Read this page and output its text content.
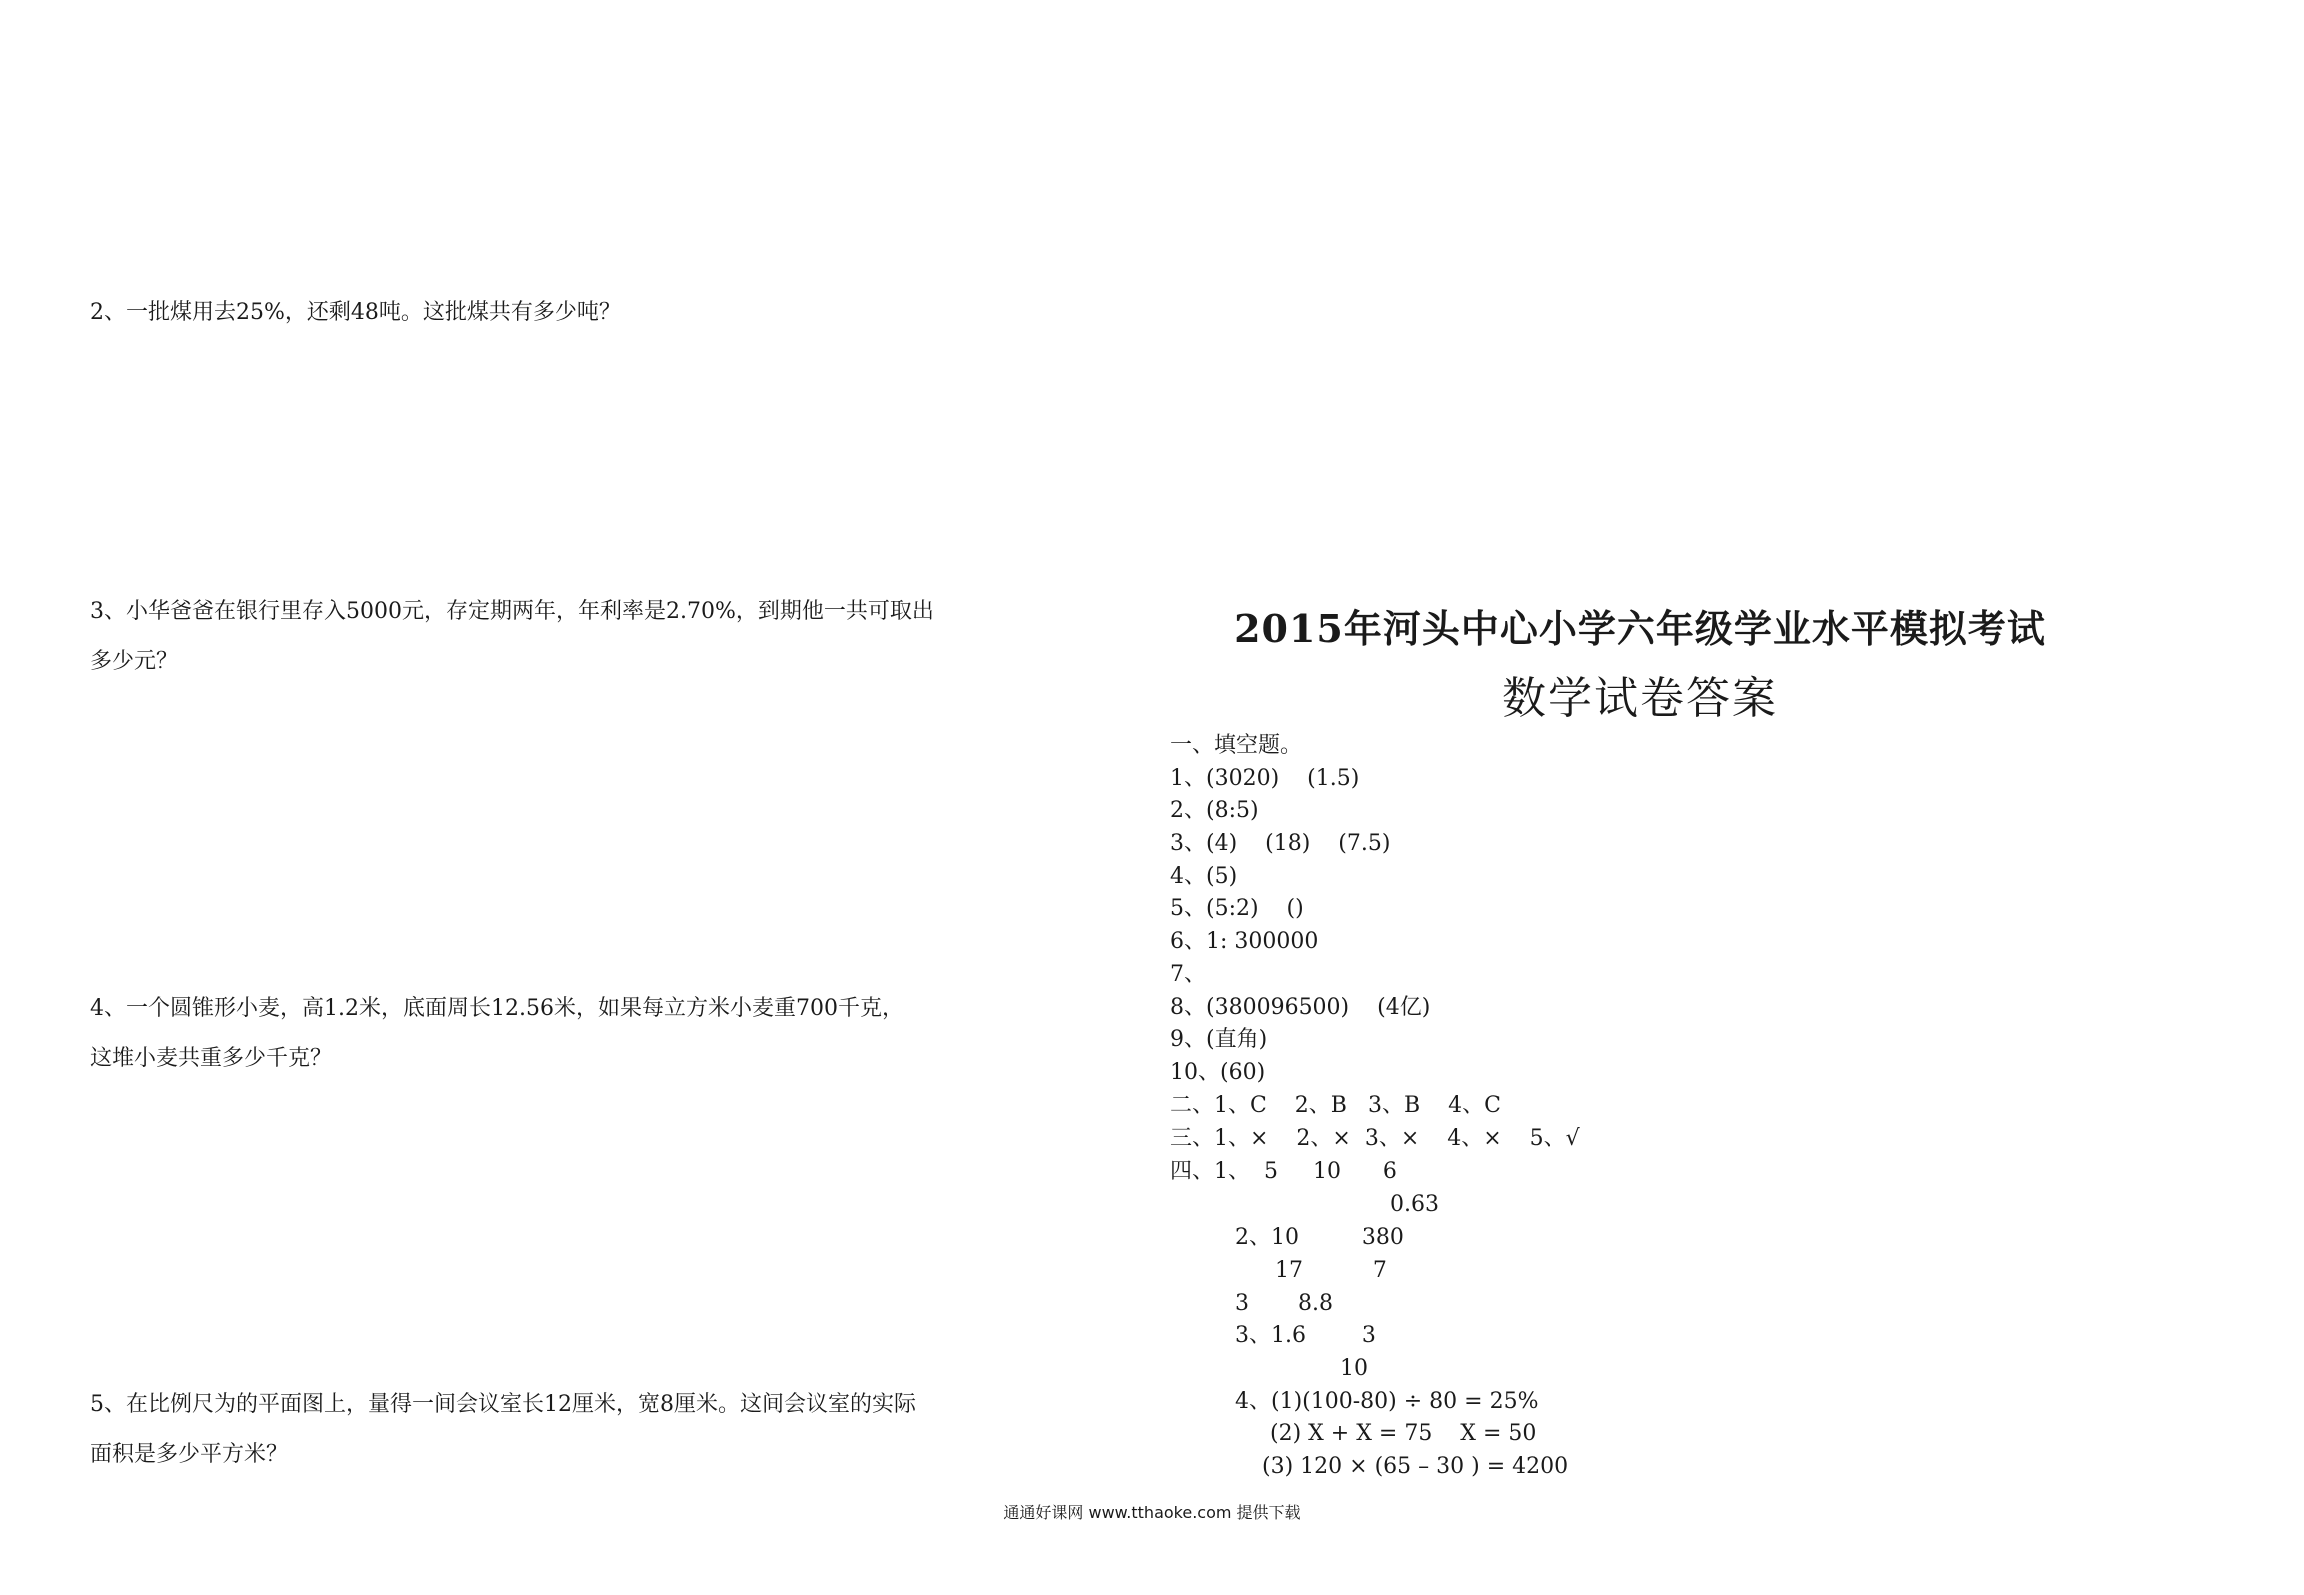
2、一批煤用去25%，还剩48吨。这批煤共有多少吨？
3、小华爸爸在银行里存入5000元，存定期两年，年利率是2.70%，到期他一共可取出
多少元？
4、一个圆锥形小麦，高1.2米，底面周长12.56米，如果每立方米小麦重700千克，
这堆小麦共重多少千克？
5、在比例尺为的平面图上，量得一间会议室长12厘米，宽8厘米。这间会议室的实际
面积是多少平方米？
2015年河头中心小学六年级学业水平模拟考试
数学试卷答案
一、填空题。
1、(3020)    (1.5)
2、(8:5)
3、(4)    (18)    (7.5)
4、(5)
5、(5:2)    ()
6、1: 300000
7、
8、(380096500)    (4亿)
9、(直角)
10、(60)
二、1、C    2、B   3、B    4、C
三、1、×    2、×  3、×    4、×    5、√
四、1、  5     10      6
0.63
2、10         380
17          7
3       8.8
3、1.6        3
10
4、(1)(100-80) ÷ 80 = 25%
(2) X + X = 75    X = 50
(3) 120 × (65 – 30 ) = 4200
通通好课网 www.tthaoke.com 提供下载
